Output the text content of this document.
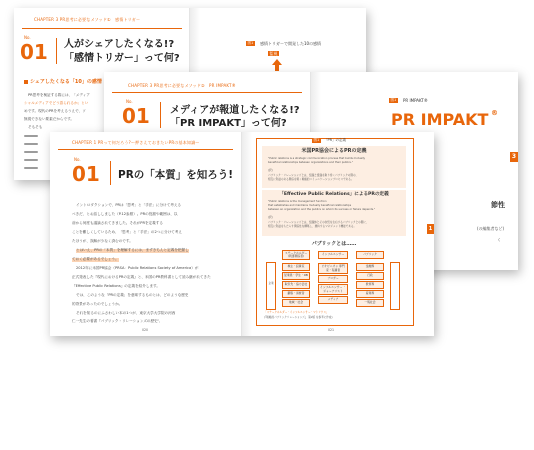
CHAPTER 3 PR思考に必要なメソッド①　感情トリガー
No.
01 人がシェアしたくなる!?
「感情トリガー」って何?
シェアしたくなる「10」の感情
PR思考を検証する際には、「メディア
シャルメディアでどう語られるか」とい
めです。現代のPRを考えるうえで、ソ
無視できない要素だからです。
そもそも
図1	感情トリガーで開発した10の感情
監視
CHAPTER 3 PR思考に必要なメソッド②　PR IMPAKT®
No.
01 メディアが報道したくなる!?
「PR IMPAKT」って何?
図1	PR IMPAKT®
PR IMPAKT ®
3
節性
(の編集者など)
く
CHAPTER 1 PRって何だろう?～押さえておきたいPRの基本知識～
No.
01 PRの「本質」を知ろう!
イントロダクションで、PRは「思考」と「手法」に分けて考える
べきだ、とお話ししました（P.12参照）。PRの役割や範囲は、以
前から何度も議論されてきました。それがPRを定義する
ことを難しくしているため、「思考」と「手法」の2つに分けて考え
たほうが、誤解が少なく済むのです。
とはいえ、PRの「本質」を理解するには、まずきちんと定義を把握し
ておく必要があるでしょう。
2012年に米国PR協会（PRSA：Public Relations Society of America）が
正式発表した『現代におけるPRの定義』と、米国のPR教科書として読み継がれてきた
『Effective Public Relations』の定義を紹介します。
では、このような「PRの定義」を意味するものとは、どのような歴史
的背景があったのでしょうか。
それを知るのにふさわしい本の1つが、東京大学大学院の河西
仁一先生の著書『パブリック・リレーションズの歴史',
020
図1	「PR」の定義
米国PR協会によるPRの定義
"Public relations is a strategic communication process that builds mutually
beneficial relationships between organizations and their publics."
(訳)
パブリック・リレーションズとは、組織と組織を取り巻くパブリックの間の、
相互に利益のある関係を築く戦略的コミュニケーションプロセスである。
「Effective Public Relations」によるPRの定義
"Public relations is the management function
that establishes and maintains mutually beneficial relationships
between an organization and the publics on whom its success or failure depends."
(訳)
パブリック・リレーションズとは、組織体とその存続を左右するパブリックとの間に、
相互に利益をもたらす関係性を構築し、維持するマネジメント機能である。
パブリックとは……
ステークホルダー (利害関係者)	インフルエンサー	パブリック
企業
株主・投資家
従業員・学生・OB
取引先・協力会社
顧客・消費者
地域・社会
ビオピニオン 専門家・有識者
ブロガー
インフルエンサー ・ジャーナリスト
メディア
金融界
行政
教育界
産業界
一般社会
「ステークホルダー・インフルエンサー・マトリクス」
(『戦略的パブリックリレーションズ』 第2版 を参考に作成)
1
021
